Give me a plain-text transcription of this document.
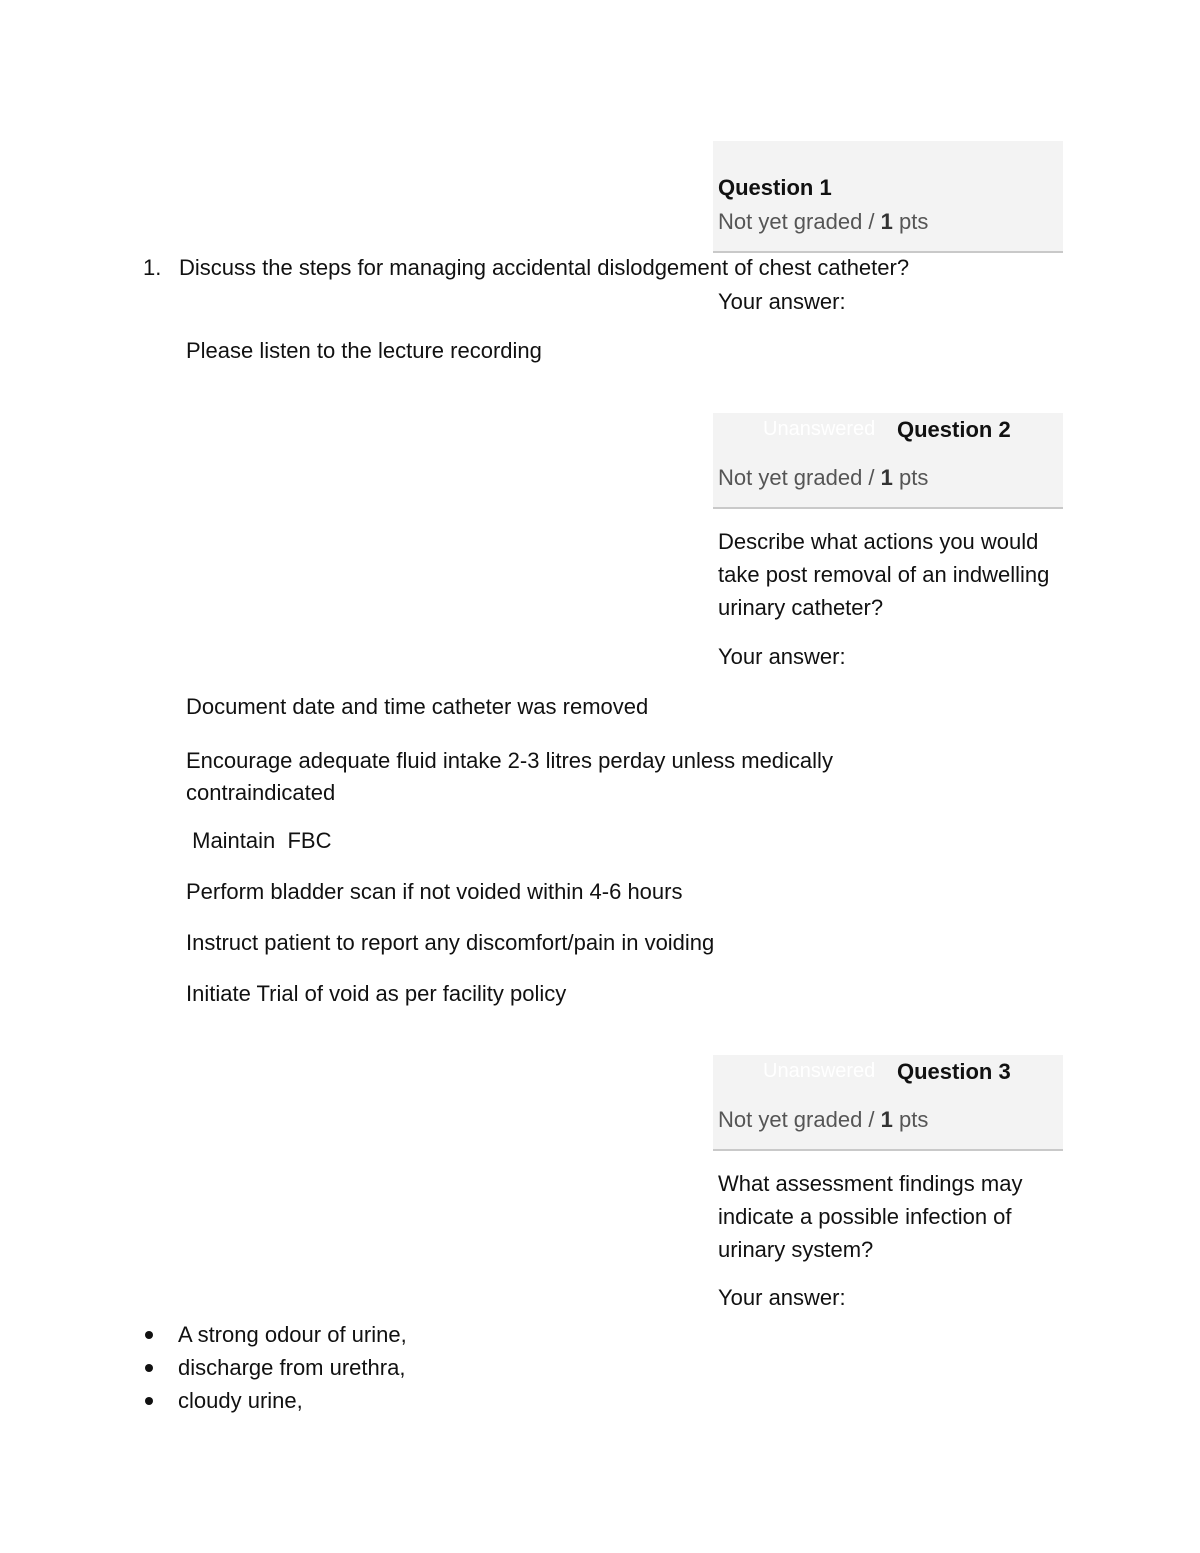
Question 1
Not yet graded / 1 pts
1. Discuss the steps for managing accidental dislodgement of chest catheter?
Your answer:
Please listen to the lecture recording
Unanswered Question 2
Not yet graded / 1 pts
Describe what actions you would take post removal of an indwelling urinary catheter?
Your answer:
Document date and time catheter was removed
Encourage adequate fluid intake 2-3 litres perday unless medically contraindicated
Maintain  FBC
Perform bladder scan if not voided within 4-6 hours
Instruct patient to report any discomfort/pain in voiding
Initiate Trial of void as per facility policy
Unanswered Question 3
Not yet graded / 1 pts
What assessment findings may indicate a possible infection of urinary system?
Your answer:
A strong odour of urine,
discharge from urethra,
cloudy urine,
